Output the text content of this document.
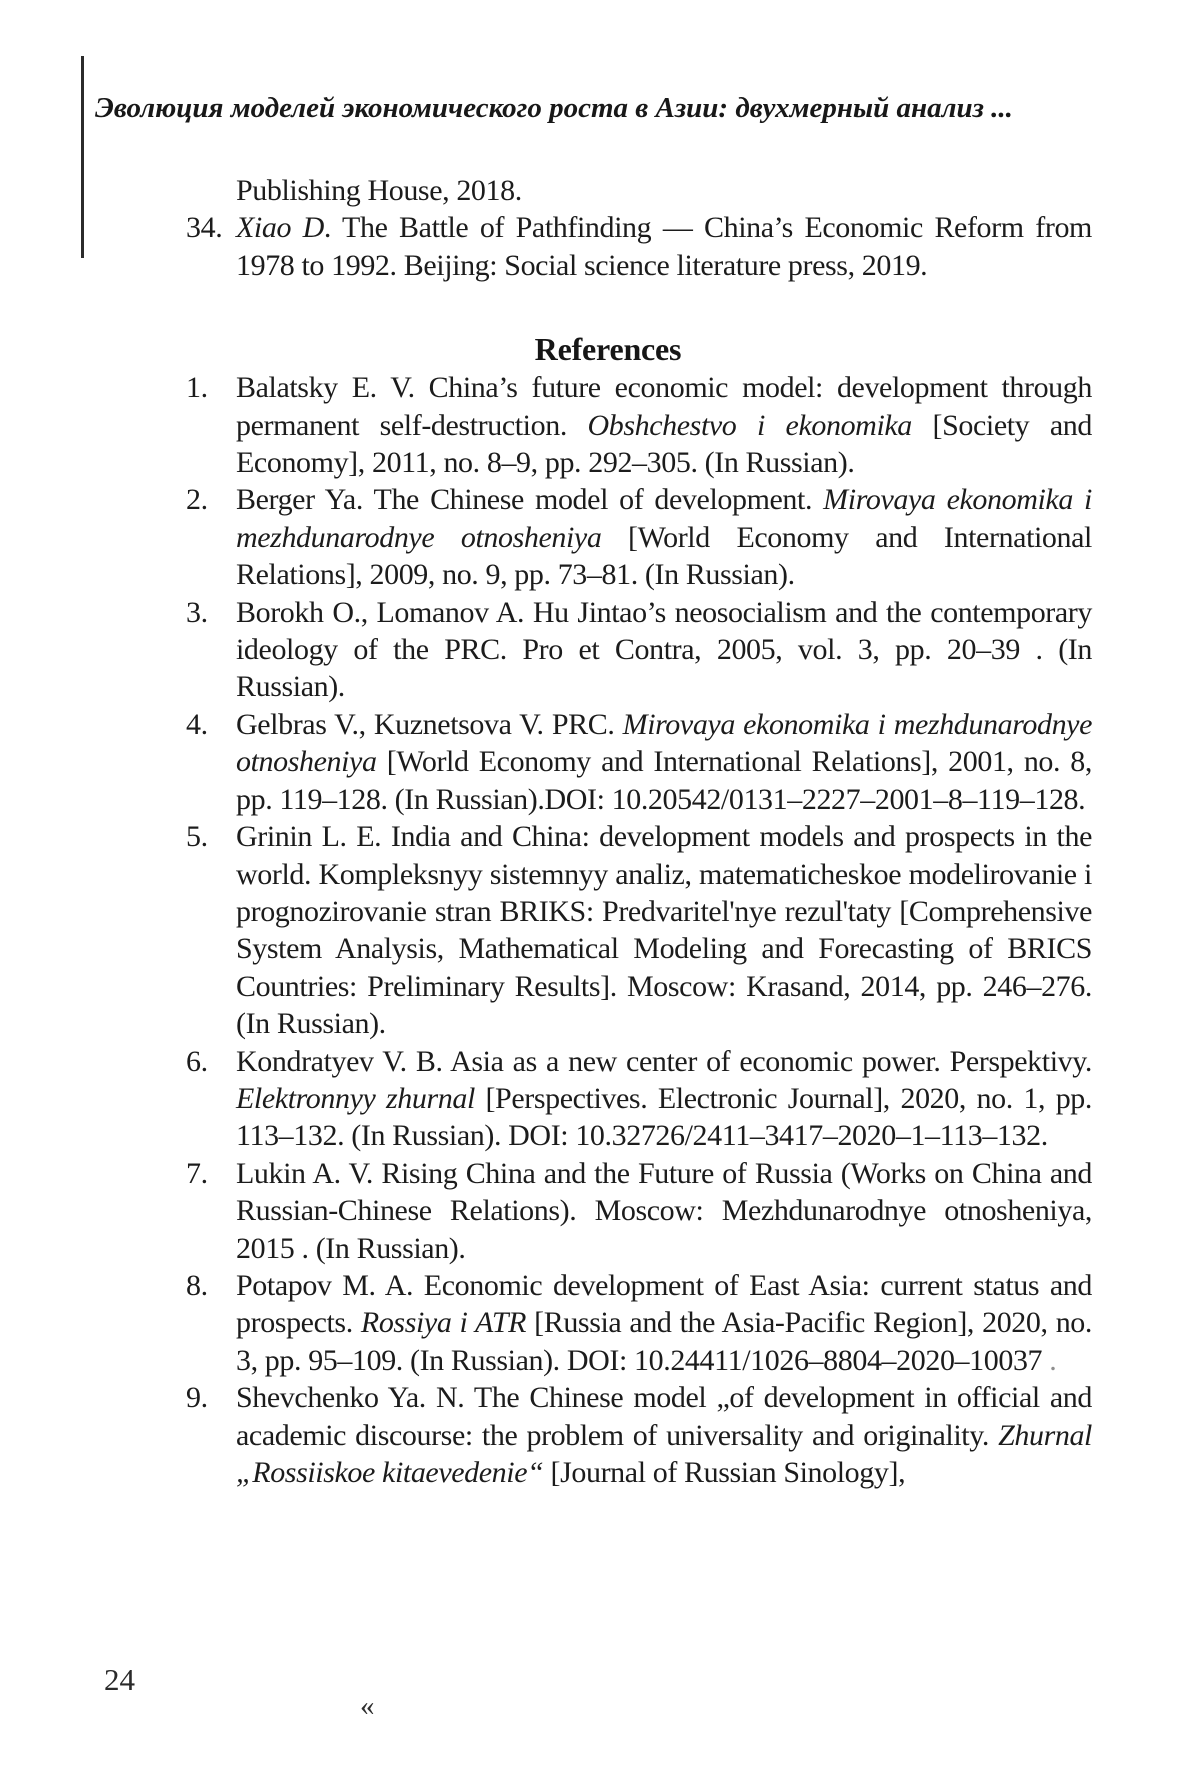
Эволюция моделей экономического роста в Азии: двухмерный анализ ...
Publishing House, 2018.
34. Xiao D. The Battle of Pathfinding — China’s Economic Reform from 1978 to 1992. Beijing: Social science literature press, 2019.
References
1. Balatsky E. V. China’s future economic model: development through permanent self-destruction. Obshchestvo i ekonomika [Society and Economy], 2011, no. 8–9, pp. 292–305. (In Russian).
2. Berger Ya. The Chinese model of development. Mirovaya ekonomika i mezhdunarodnye otnosheniya [World Economy and International Relations], 2009, no. 9, pp. 73–81. (In Russian).
3. Borokh O., Lomanov A. Hu Jintao’s neosocialism and the contemporary ideology of the PRC. Pro et Contra, 2005, vol. 3, pp. 20–39 . (In Russian).
4. Gelbras V., Kuznetsova V. PRC. Mirovaya ekonomika i mezhdunarodnye otnosheniya [World Economy and International Relations], 2001, no. 8, pp. 119–128. (In Russian).DOI: 10.20542/0131–2227–2001–8–119–128.
5. Grinin L. E. India and China: development models and prospects in the world. Kompleksnyy sistemnyy analiz, matematicheskoe modelirovanie i prognozirovanie stran BRIKS: Predvaritel'nye rezul'taty [Comprehensive System Analysis, Mathematical Modeling and Forecasting of BRICS Countries: Preliminary Results]. Moscow: Krasand, 2014, pp. 246–276. (In Russian).
6. Kondratyev V. B. Asia as a new center of economic power. Perspektivy. Elektronnyy zhurnal [Perspectives. Electronic Journal], 2020, no. 1, pp. 113–132. (In Russian). DOI: 10.32726/2411–3417–2020–1–113–132.
7. Lukin A. V. Rising China and the Future of Russia (Works on China and Russian-Chinese Relations). Moscow: Mezhdunarodnye otnosheniya, 2015 . (In Russian).
8. Potapov M. A. Economic development of East Asia: current status and prospects. Rossiya i ATR [Russia and the Asia-Pacific Region], 2020, no. 3, pp. 95–109. (In Russian). DOI: 10.24411/1026–8804–2020–10037 .
9. Shevchenko Ya. N. The Chinese model „of development in official and academic discourse: the problem of universality and originality. Zhurnal „Rossiiskoe kitaevedenie“ [Journal of Russian Sinology],
24
«
